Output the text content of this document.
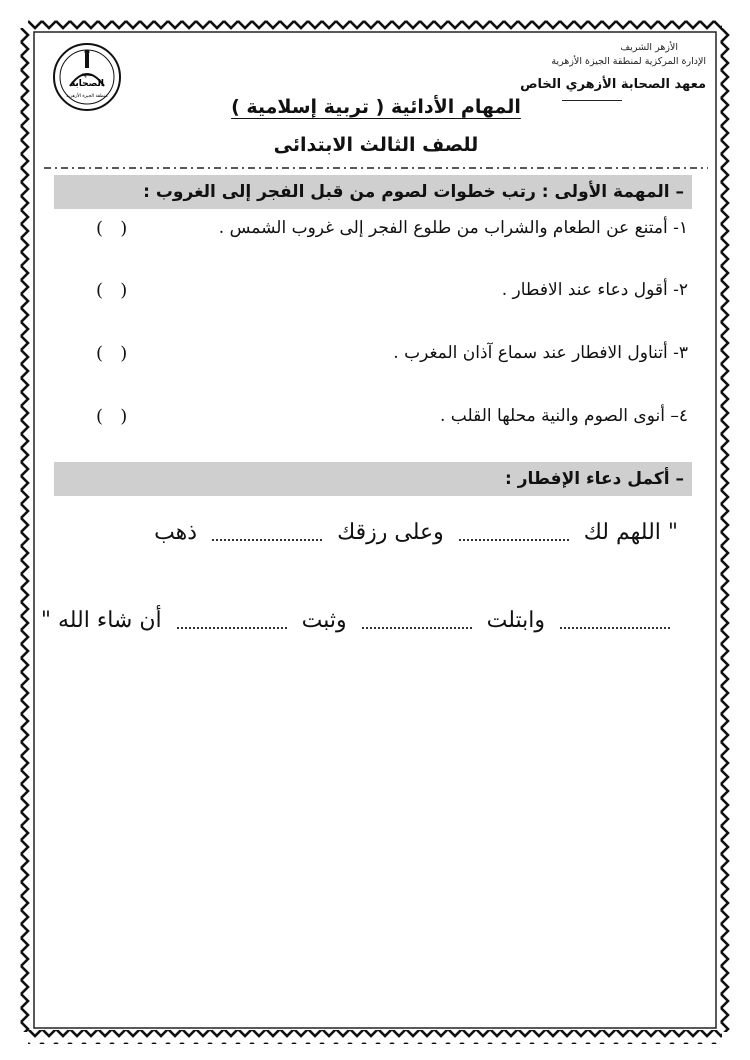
معهد
الصحابة
منطقة الجيزة الأزهرية
الأزهر الشريف
الإدارة المركزية لمنطقة الجيزة الأزهرية
معهد الصحابة الأزهري الخاص
المهام الأدائية ( تربية إسلامية )
للصف الثالث الابتدائى
– المهمة الأولى : رتب خطوات لصوم من قبل الفجر إلى الغروب :
١- أمتنع عن الطعام والشراب من طلوع الفجر إلى غروب الشمس .
(   )
٢- أقول دعاء عند الافطار .
(   )
٣- أتناول الافطار عند سماع آذان المغرب .
(   )
٤– أنوى الصوم والنية محلها القلب .
(   )
– أكمل دعاء الإفطار :
" اللهم لك  وعلى رزقك  ذهب
وابتلت  وثبت  أن شاء الله "
